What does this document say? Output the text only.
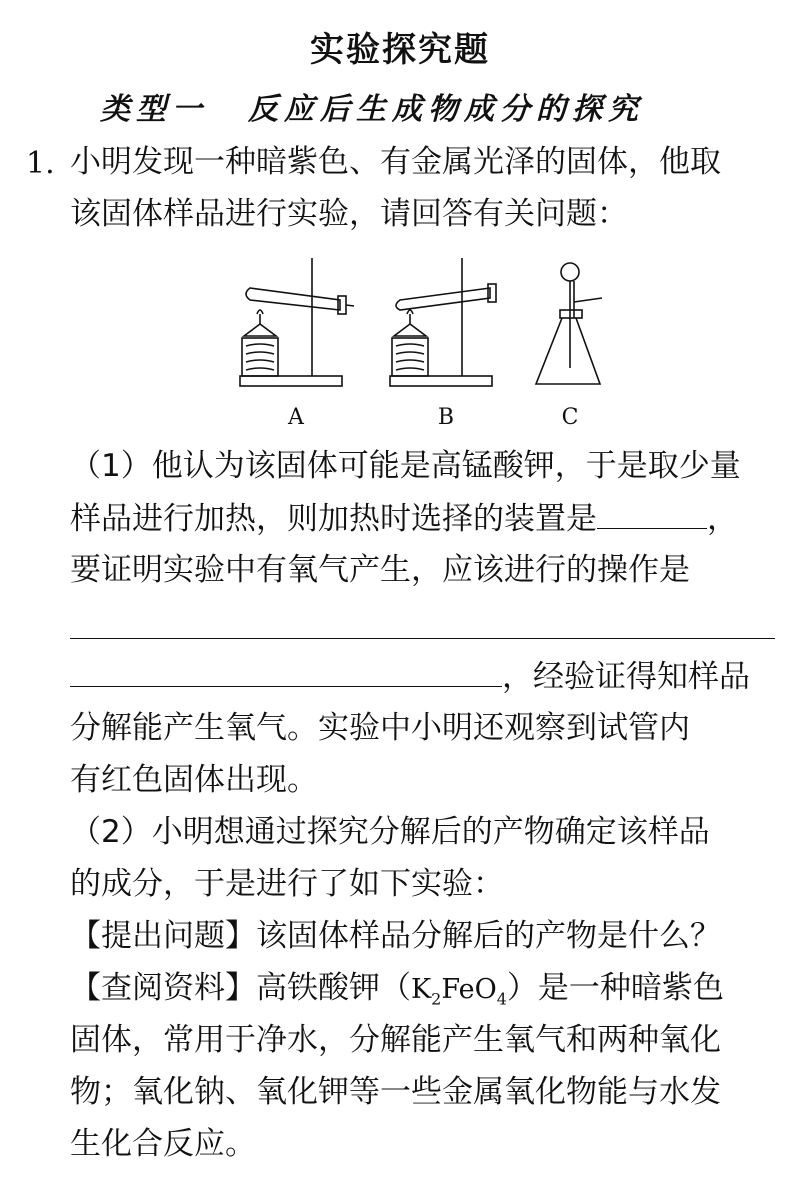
实验探究题
类型一 反应后生成物成分的探究
1. 小明发现一种暗紫色、有金属光泽的固体，他取
该固体样品进行实验，请回答有关问题：
A	B	C
（1）他认为该固体可能是高锰酸钾，于是取少量
样品进行加热，则加热时选择的装置是	，
要证明实验中有氧气产生，应该进行的操作是
，经验证得知样品
分解能产生氧气。实验中小明还观察到试管内
有红色固体出现。
（2）小明想通过探究分解后的产物确定该样品
的成分，于是进行了如下实验：
【提出问题】该固体样品分解后的产物是什么？
【查阅资料】高铁酸钾$(K_2FeO_4)$是一种暗紫色
固体，常用于净水，分解能产生氧气和两种氧化
物；氧化钠、氧化钾等一些金属氧化物能与水发
生化合反应。
